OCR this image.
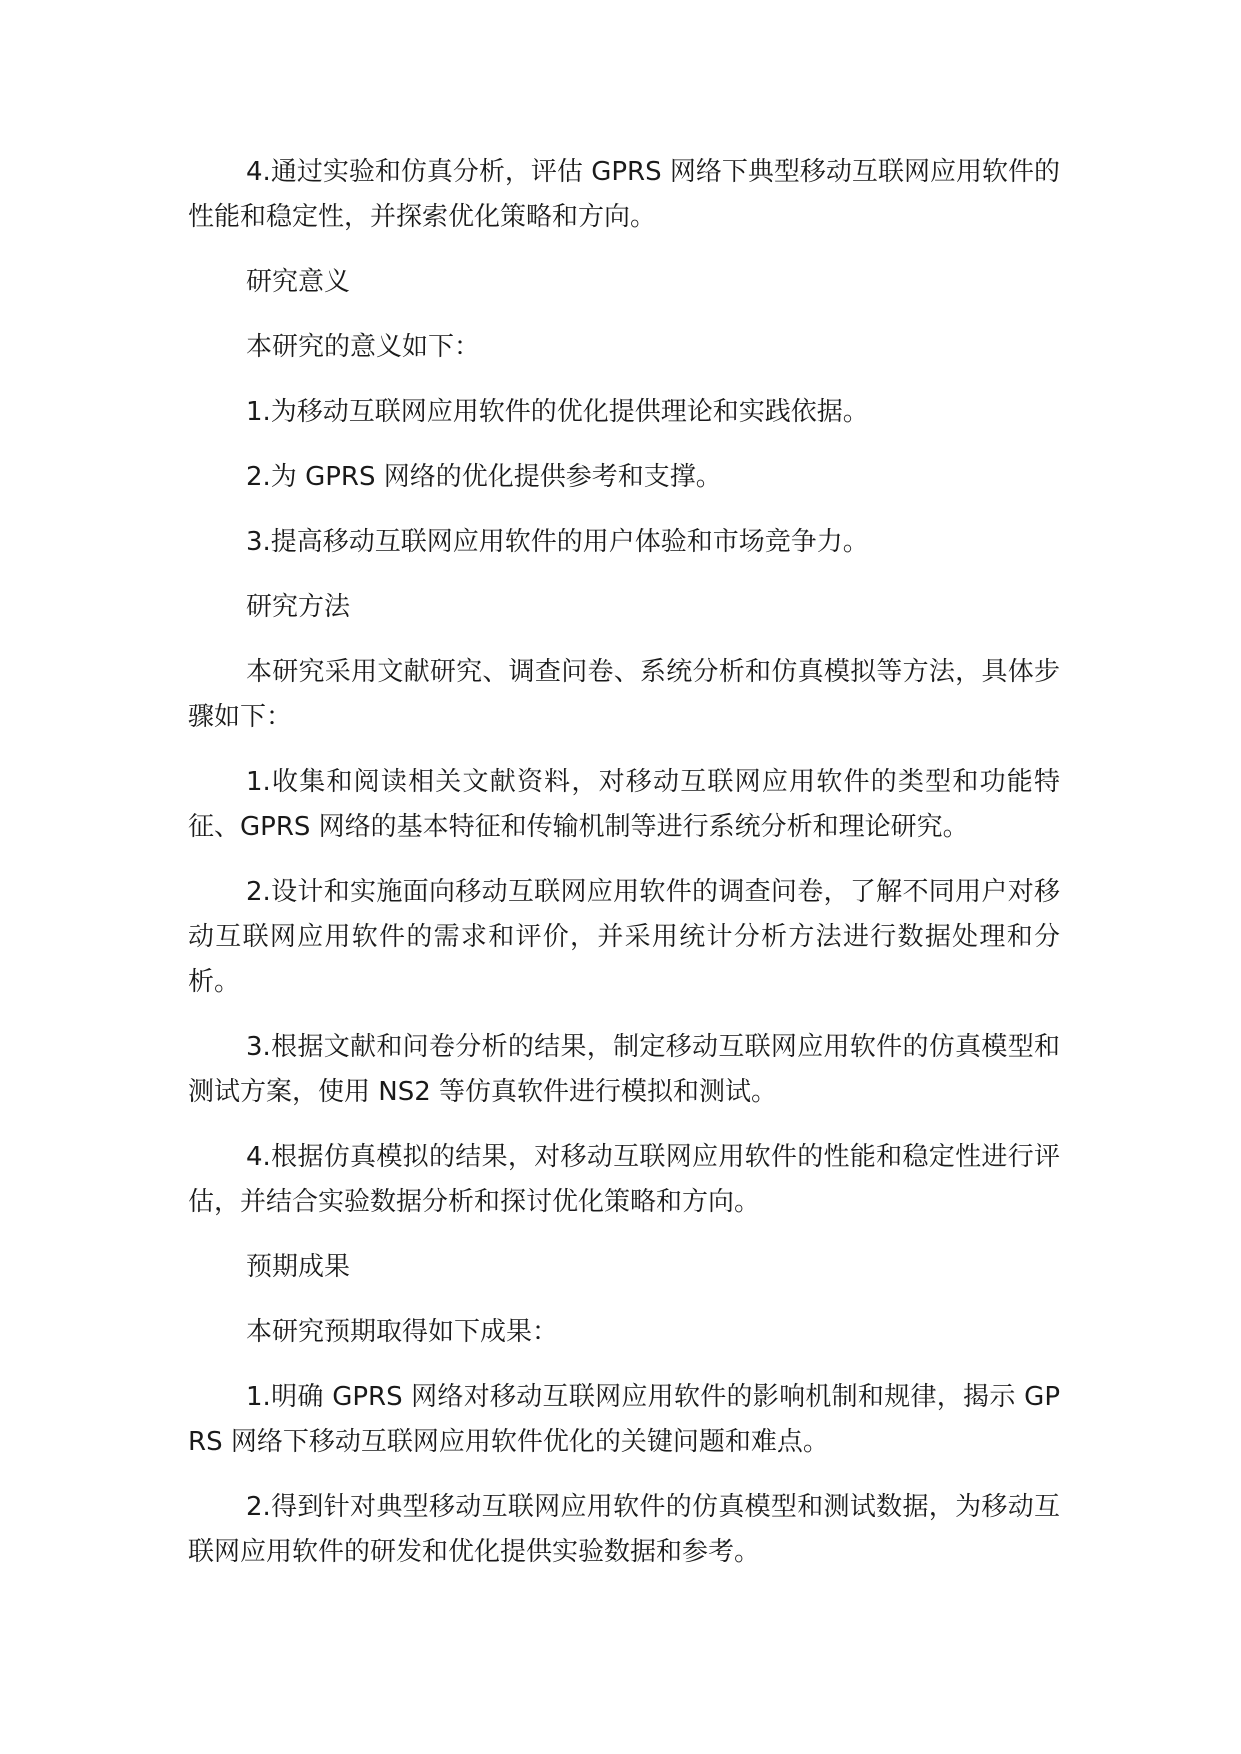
4.通过实验和仿真分析，评估 GPRS 网络下典型移动互联网应用软件的性能和稳定性，并探索优化策略和方向。

研究意义

本研究的意义如下：

1.为移动互联网应用软件的优化提供理论和实践依据。

2.为 GPRS 网络的优化提供参考和支撑。

3.提高移动互联网应用软件的用户体验和市场竞争力。

研究方法

本研究采用文献研究、调查问卷、系统分析和仿真模拟等方法，具体步骤如下：

1.收集和阅读相关文献资料，对移动互联网应用软件的类型和功能特征、GPRS 网络的基本特征和传输机制等进行系统分析和理论研究。

2.设计和实施面向移动互联网应用软件的调查问卷，了解不同用户对移动互联网应用软件的需求和评价，并采用统计分析方法进行数据处理和分析。

3.根据文献和问卷分析的结果，制定移动互联网应用软件的仿真模型和测试方案，使用 NS2 等仿真软件进行模拟和测试。

4.根据仿真模拟的结果，对移动互联网应用软件的性能和稳定性进行评估，并结合实验数据分析和探讨优化策略和方向。

预期成果

本研究预期取得如下成果：

1.明确 GPRS 网络对移动互联网应用软件的影响机制和规律，揭示 GPRS 网络下移动互联网应用软件优化的关键问题和难点。

2.得到针对典型移动互联网应用软件的仿真模型和测试数据，为移动互联网应用软件的研发和优化提供实验数据和参考。
